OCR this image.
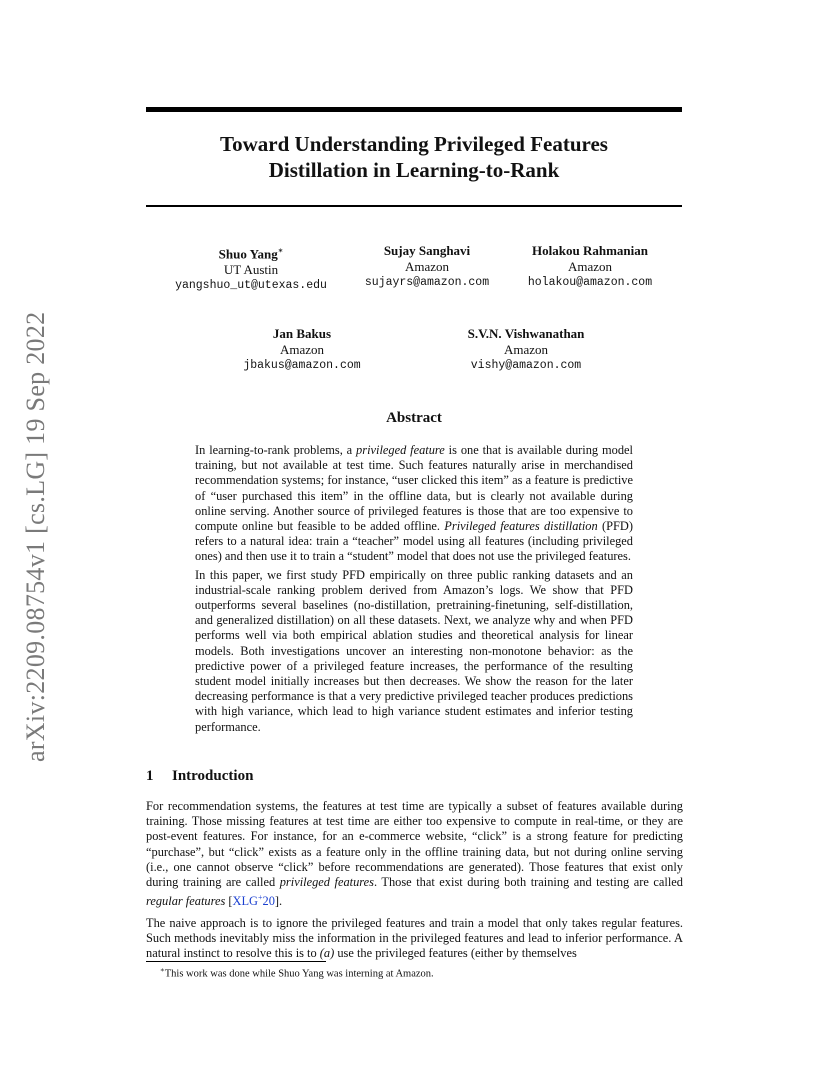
arXiv:2209.08754v1 [cs.LG] 19 Sep 2022
Toward Understanding Privileged Features
Distillation in Learning-to-Rank
Shuo Yang∗
UT Austin
yangshuo_ut@utexas.edu
Sujay Sanghavi
Amazon
sujayrs@amazon.com
Holakou Rahmanian
Amazon
holakou@amazon.com
Jan Bakus
Amazon
jbakus@amazon.com
S.V.N. Vishwanathan
Amazon
vishy@amazon.com
Abstract

In learning-to-rank problems, a privileged feature is one that is available during model training, but not available at test time. Such features naturally arise in merchandised recommendation systems; for instance, “user clicked this item” as a feature is predictive of “user purchased this item” in the offline data, but is clearly not available during online serving. Another source of privileged features is those that are too expensive to compute online but feasible to be added offline. Privileged features distillation (PFD) refers to a natural idea: train a “teacher” model using all features (including privileged ones) and then use it to train a “student” model that does not use the privileged features.

In this paper, we first study PFD empirically on three public ranking datasets and an industrial-scale ranking problem derived from Amazon’s logs. We show that PFD outperforms several baselines (no-distillation, pretraining-finetuning, self-distillation, and generalized distillation) on all these datasets. Next, we analyze why and when PFD performs well via both empirical ablation studies and theoretical analysis for linear models. Both investigations uncover an interesting non-monotone behavior: as the predictive power of a privileged feature increases, the performance of the resulting student model initially increases but then decreases. We show the reason for the later decreasing performance is that a very predictive privileged teacher produces predictions with high variance, which lead to high variance student estimates and inferior testing performance.

1 Introduction

For recommendation systems, the features at test time are typically a subset of features available during training. Those missing features at test time are either too expensive to compute in real-time, or they are post-event features. For instance, for an e-commerce website, “click” is a strong feature for predicting “purchase”, but “click” exists as a feature only in the offline training data, but not during online serving (i.e., one cannot observe “click” before recommendations are generated). Those features that exist only during training are called privileged features. Those that exist during both training and testing are called regular features [XLG+20].

The naive approach is to ignore the privileged features and train a model that only takes regular features. Such methods inevitably miss the information in the privileged features and lead to inferior performance. A natural instinct to resolve this is to (a) use the privileged features (either by themselves

∗This work was done while Shuo Yang was interning at Amazon.
